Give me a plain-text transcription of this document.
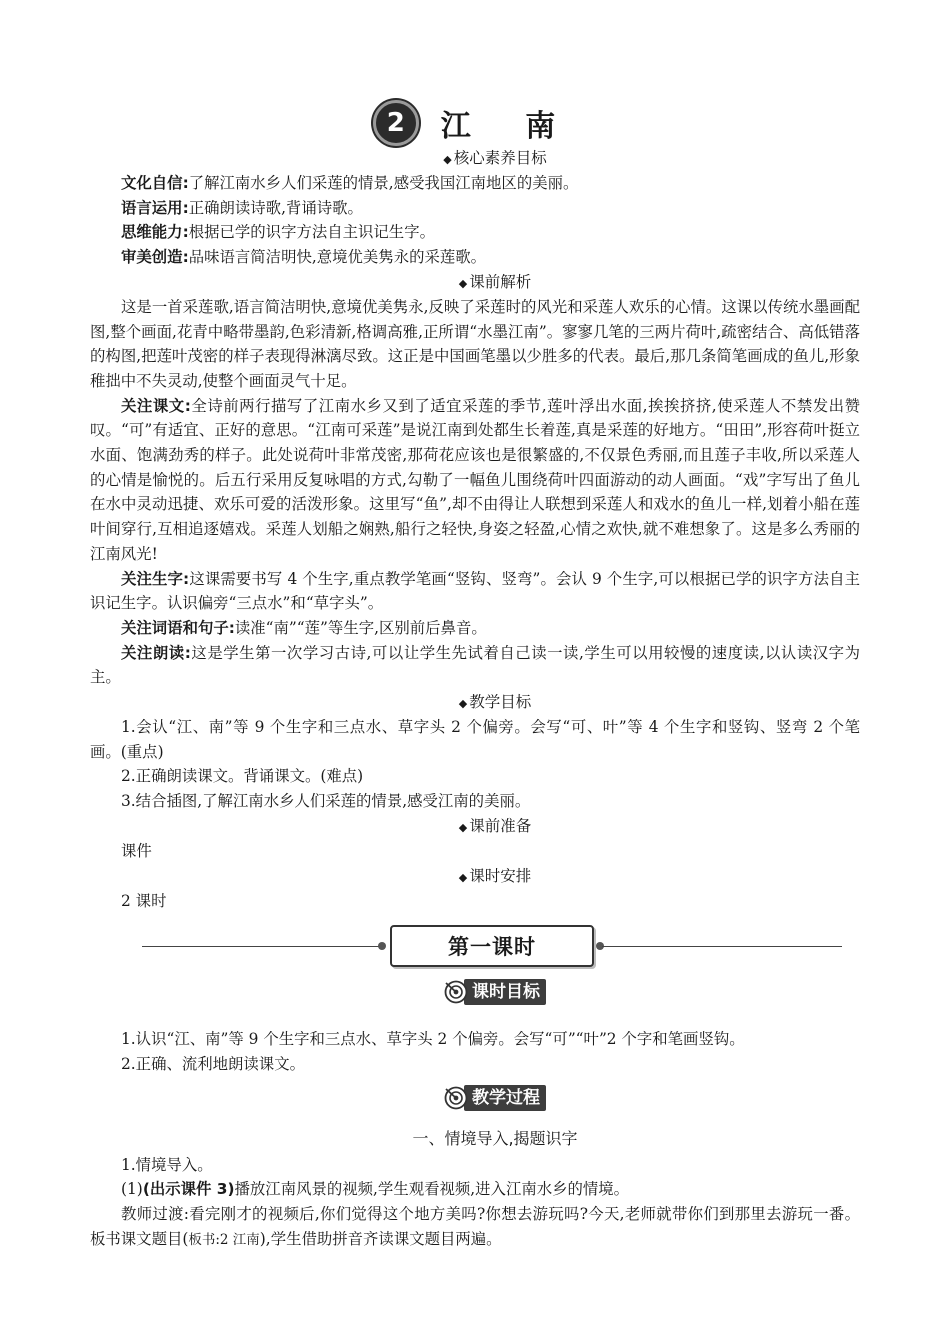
2	江 南
◆ 核心素养目标

文化自信:了解江南水乡人们采莲的情景,感受我国江南地区的美丽。

语言运用:正确朗读诗歌,背诵诗歌。

思维能力:根据已学的识字方法自主识记生字。

审美创造:品味语言简洁明快,意境优美隽永的采莲歌。

◆ 课前解析

这是一首采莲歌,语言简洁明快,意境优美隽永,反映了采莲时的风光和采莲人欢乐的心情。这课以传统水墨画配图,整个画面,花青中略带墨韵,色彩清新,格调高雅,正所谓“水墨江南”。寥寥几笔的三两片荷叶,疏密结合、高低错落的构图,把莲叶茂密的样子表现得淋漓尽致。这正是中国画笔墨以少胜多的代表。最后,那几条简笔画成的鱼儿,形象稚拙中不失灵动,使整个画面灵气十足。

关注课文:全诗前两行描写了江南水乡又到了适宜采莲的季节,莲叶浮出水面,挨挨挤挤,使采莲人不禁发出赞叹。“可”有适宜、正好的意思。“江南可采莲”是说江南到处都生长着莲,真是采莲的好地方。“田田”,形容荷叶挺立水面、饱满劲秀的样子。此处说荷叶非常茂密,那荷花应该也是很繁盛的,不仅景色秀丽,而且莲子丰收,所以采莲人的心情是愉悦的。后五行采用反复咏唱的方式,勾勒了一幅鱼儿围绕荷叶四面游动的动人画面。“戏”字写出了鱼儿在水中灵动迅捷、欢乐可爱的活泼形象。这里写“鱼”,却不由得让人联想到采莲人和戏水的鱼儿一样,划着小船在莲叶间穿行,互相追逐嬉戏。采莲人划船之娴熟,船行之轻快,身姿之轻盈,心情之欢快,就不难想象了。这是多么秀丽的江南风光!

关注生字:这课需要书写 4 个生字,重点教学笔画“竖钩、竖弯”。会认 9 个生字,可以根据已学的识字方法自主识记生字。认识偏旁“三点水”和“草字头”。

关注词语和句子:读准“南”“莲”等生字,区别前后鼻音。

关注朗读:这是学生第一次学习古诗,可以让学生先试着自己读一读,学生可以用较慢的速度读,以认读汉字为主。

◆ 教学目标

1.会认“江、南”等 9 个生字和三点水、草字头 2 个偏旁。会写“可、叶”等 4 个生字和竖钩、竖弯 2 个笔画。(重点)

2.正确朗读课文。背诵课文。(难点)

3.结合插图,了解江南水乡人们采莲的情景,感受江南的美丽。

◆ 课前准备

课件

◆ 课时安排

2 课时

第一课时
课时目标

1.认识“江、南”等 9 个生字和三点水、草字头 2 个偏旁。会写“可”“叶”2 个字和笔画竖钩。

2.正确、流利地朗读课文。

教学过程
一、情境导入,揭题识字

1.情境导入。

(1)(出示课件 3)播放江南风景的视频,学生观看视频,进入江南水乡的情境。

教师过渡:看完刚才的视频后,你们觉得这个地方美吗?你想去游玩吗?今天,老师就带你们到那里去游玩一番。板书课文题目(板书:2 江南),学生借助拼音齐读课文题目两遍。
